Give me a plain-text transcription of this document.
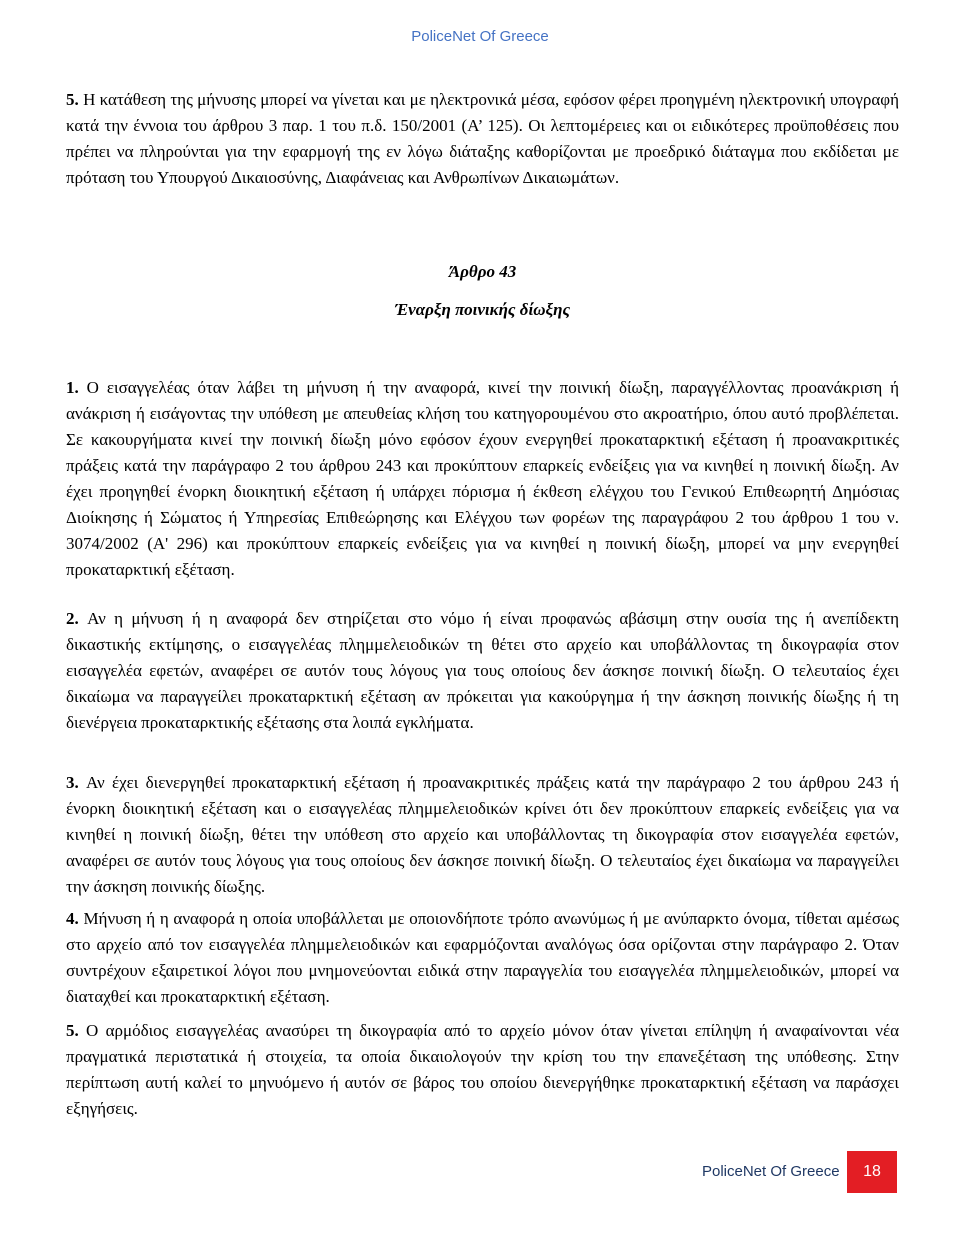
PoliceNet Of Greece

5. Η κατάθεση της μήνυσης μπορεί να γίνεται και με ηλεκτρονικά μέσα, εφόσον φέρει προηγμένη ηλεκτρονική υπογραφή κατά την έννοια του άρθρου 3 παρ. 1 του π.δ. 150/2001 (Α’ 125). Οι λεπτομέρειες και οι ειδικότερες προϋποθέσεις που πρέπει να πληρούνται για την εφαρμογή της εν λόγω διάταξης καθορίζονται με προεδρικό διάταγμα που εκδίδεται με πρόταση του Υπουργού Δικαιοσύνης, Διαφάνειας και Ανθρωπίνων Δικαιωμάτων.

Άρθρο 43
Έναρξη ποινικής δίωξης

1. Ο εισαγγελέας όταν λάβει τη μήνυση ή την αναφορά, κινεί την ποινική δίωξη, παραγγέλλοντας προανάκριση ή ανάκριση ή εισάγοντας την υπόθεση με απευθείας κλήση του κατηγορουμένου στο ακροατήριο, όπου αυτό προβλέπεται. Σε κακουργήματα κινεί την ποινική δίωξη μόνο εφόσον έχουν ενεργηθεί προκαταρκτική εξέταση ή προανακριτικές πράξεις κατά την παράγραφο 2 του άρθρου 243 και προκύπτουν επαρκείς ενδείξεις για να κινηθεί η ποινική δίωξη. Αν έχει προηγηθεί ένορκη διοικητική εξέταση ή υπάρχει πόρισμα ή έκθεση ελέγχου του Γενικού Επιθεωρητή Δημόσιας Διοίκησης ή Σώματος ή Υπηρεσίας Επιθεώρησης και Ελέγχου των φορέων της παραγράφου 2 του άρθρου 1 του ν. 3074/2002 (Α' 296) και προκύπτουν επαρκείς ενδείξεις για να κινηθεί η ποινική δίωξη, μπορεί να μην ενεργηθεί προκαταρκτική εξέταση.

2. Αν η μήνυση ή η αναφορά δεν στηρίζεται στο νόμο ή είναι προφανώς αβάσιμη στην ουσία της ή ανεπίδεκτη δικαστικής εκτίμησης, ο εισαγγελέας πλημμελειοδικών τη θέτει στο αρχείο και υποβάλλοντας τη δικογραφία στον εισαγγελέα εφετών, αναφέρει σε αυτόν τους λόγους για τους οποίους δεν άσκησε ποινική δίωξη. Ο τελευταίος έχει δικαίωμα να παραγγείλει προκαταρκτική εξέταση αν πρόκειται για κακούργημα ή την άσκηση ποινικής δίωξης ή τη διενέργεια προκαταρκτικής εξέτασης στα λοιπά εγκλήματα.

3. Αν έχει διενεργηθεί προκαταρκτική εξέταση ή προανακριτικές πράξεις κατά την παράγραφο 2 του άρθρου 243 ή ένορκη διοικητική εξέταση και ο εισαγγελέας πλημμελειοδικών κρίνει ότι δεν προκύπτουν επαρκείς ενδείξεις για να κινηθεί η ποινική δίωξη, θέτει την υπόθεση στο αρχείο και υποβάλλοντας τη δικογραφία στον εισαγγελέα εφετών, αναφέρει σε αυτόν τους λόγους για τους οποίους δεν άσκησε ποινική δίωξη. Ο τελευταίος έχει δικαίωμα να παραγγείλει την άσκηση ποινικής δίωξης.

4. Μήνυση ή η αναφορά η οποία υποβάλλεται με οποιονδήποτε τρόπο ανωνύμως ή με ανύπαρκτο όνομα, τίθεται αμέσως στο αρχείο από τον εισαγγελέα πλημμελειοδικών και εφαρμόζονται αναλόγως όσα ορίζονται στην παράγραφο 2. Όταν συντρέχουν εξαιρετικοί λόγοι που μνημονεύονται ειδικά στην παραγγελία του εισαγγελέα πλημμελειοδικών, μπορεί να διαταχθεί και προκαταρκτική εξέταση.

5. Ο αρμόδιος εισαγγελέας ανασύρει τη δικογραφία από το αρχείο μόνον όταν γίνεται επίληψη ή αναφαίνονται νέα πραγματικά περιστατικά ή στοιχεία, τα οποία δικαιολογούν την κρίση του την επανεξέταση της υπόθεσης. Στην περίπτωση αυτή καλεί το μηνυόμενο ή αυτόν σε βάρος του οποίου διενεργήθηκε προκαταρκτική εξέταση να παράσχει εξηγήσεις.

PoliceNet Of Greece 18
